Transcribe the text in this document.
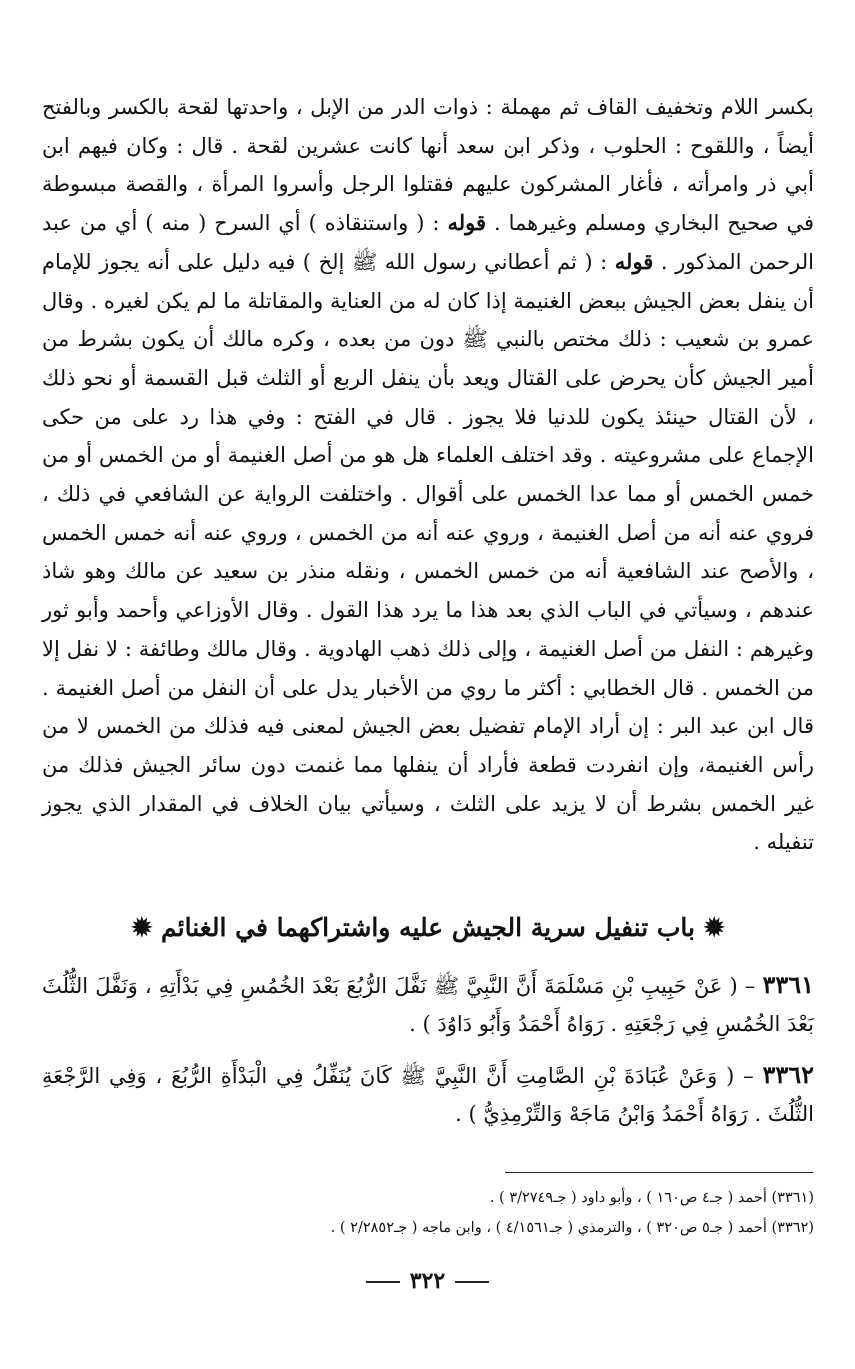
بكسر اللام وتخفيف القاف ثم مهملة : ذوات الدر من الإبل ، واحدتها لقحة بالكسر وبالفتح أيضاً ، واللقوح : الحلوب ، وذكر ابن سعد أنها كانت عشرين لقحة . قال : وكان فيهم ابن أبي ذر وامرأته ، فأغار المشركون عليهم فقتلوا الرجل وأسروا المرأة ، والقصة مبسوطة في صحيح البخاري ومسلم وغيرهما . قوله : ( واستنقاذه ) أي السرح ( منه ) أي من عبد الرحمن المذكور . قوله : ( ثم أعطاني رسول الله ﷺ إلخ ) فيه دليل على أنه يجوز للإمام أن ينفل بعض الجيش ببعض الغنيمة إذا كان له من العناية والمقاتلة ما لم يكن لغيره . وقال عمرو بن شعيب : ذلك مختص بالنبي ﷺ دون من بعده ، وكره مالك أن يكون بشرط من أمير الجيش كأن يحرض على القتال ويعد بأن ينفل الربع أو الثلث قبل القسمة أو نحو ذلك ، لأن القتال حينئذ يكون للدنيا فلا يجوز . قال في الفتح : وفي هذا رد على من حكى الإجماع على مشروعيته . وقد اختلف العلماء هل هو من أصل الغنيمة أو من الخمس أو من خمس الخمس أو مما عدا الخمس على أقوال . واختلفت الرواية عن الشافعي في ذلك ، فروي عنه أنه من أصل الغنيمة ، وروي عنه أنه من الخمس ، وروي عنه أنه خمس الخمس ، والأصح عند الشافعية أنه من خمس الخمس ، ونقله منذر بن سعيد عن مالك وهو شاذ عندهم ، وسيأتي في الباب الذي بعد هذا ما يرد هذا القول . وقال الأوزاعي وأحمد وأبو ثور وغيرهم : النفل من أصل الغنيمة ، وإلى ذلك ذهب الهادوية . وقال مالك وطائفة : لا نفل إلا من الخمس . قال الخطابي : أكثر ما روي من الأخبار يدل على أن النفل من أصل الغنيمة . قال ابن عبد البر : إن أراد الإمام تفضيل بعض الجيش لمعنى فيه فذلك من الخمس لا من رأس الغنيمة، وإن انفردت قطعة فأراد أن ينفلها مما غنمت دون سائر الجيش فذلك من غير الخمس بشرط أن لا يزيد على الثلث ، وسيأتي بيان الخلاف في المقدار الذي يجوز تنفيله .

✹ باب تنفيل سرية الجيش عليه واشتراكهما في الغنائم ✹

٣٣٦١ – ( عَنْ حَبِيبِ بْنِ مَسْلَمَةَ أَنَّ النَّبِيَّ ﷺ نَفَّلَ الرُّبُعَ بَعْدَ الخُمُسِ فِي بَدْأَتِهِ ، وَنَفَّلَ الثُّلُثَ بَعْدَ الخُمُسِ فِي رَجْعَتِهِ . رَوَاهُ أَحْمَدُ وَأَبُو دَاوُدَ ) .

٣٣٦٢ – ( وَعَنْ عُبَادَةَ بْنِ الصَّامِتِ أَنَّ النَّبِيَّ ﷺ كَانَ يُنَفِّلُ فِي الْبَدْأَةِ الرُّبُعَ ، وَفِي الرَّجْعَةِ الثُّلُثَ . رَوَاهُ أَحْمَدُ وَابْنُ مَاجَهْ وَالتِّرْمِذِيُّ ) .

(٣٣٦١) أحمد ( جـ٤ ص١٦٠ ) ، وأبو داود ( جـ٣/٢٧٤٩ ) .
(٣٣٦٢) أحمد ( جـ٥ ص٣٢٠ ) ، والترمذي ( جـ٤/١٥٦١ ) ، وابن ماجه ( جـ٢/٢٨٥٢ ) .
٣٢٢
